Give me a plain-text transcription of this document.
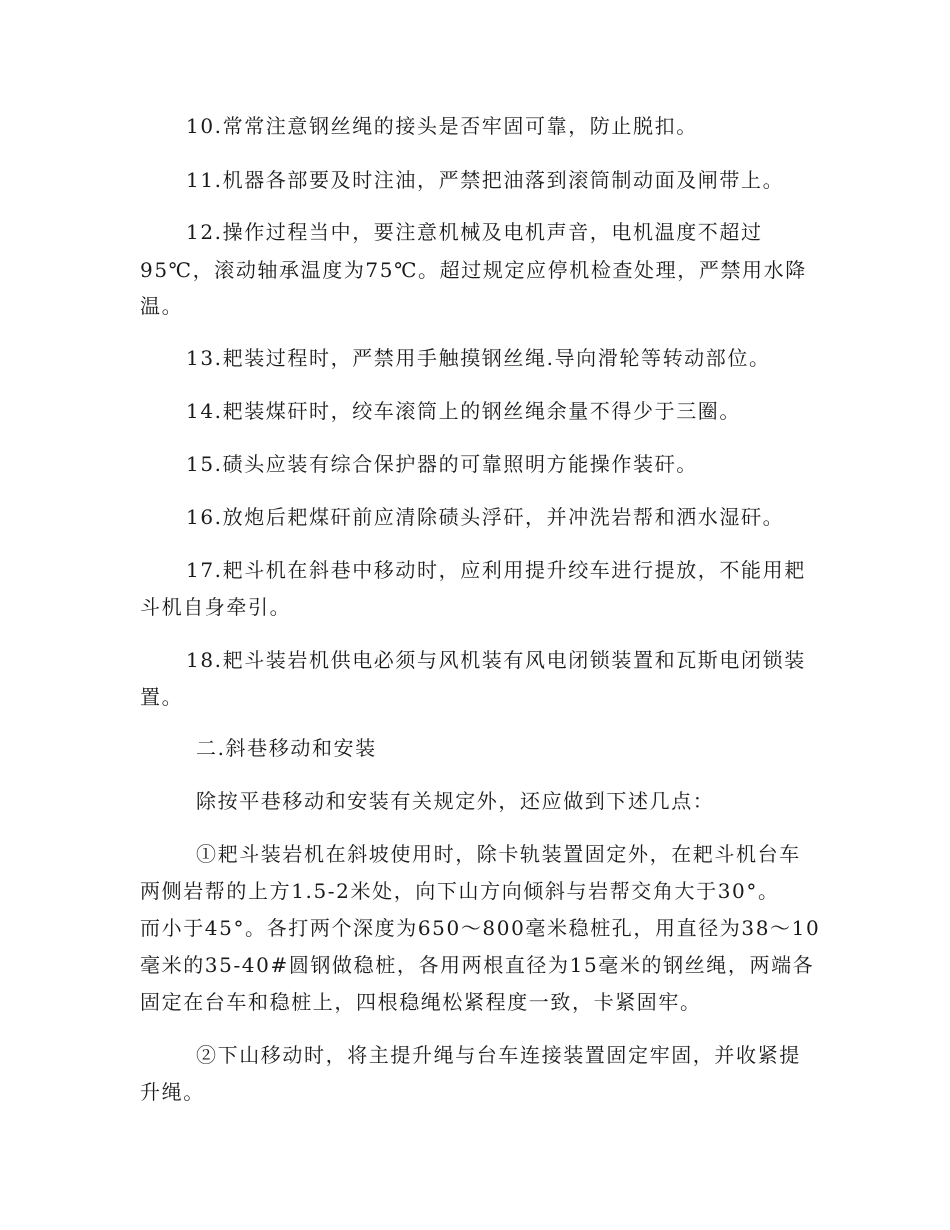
10.常常注意钢丝绳的接头是否牢固可靠，防止脱扣。
11.机器各部要及时注油，严禁把油落到滚筒制动面及闸带上。
12.操作过程当中，要注意机械及电机声音，电机温度不超过
95℃，滚动轴承温度为75℃。超过规定应停机检查处理，严禁用水降
温。
13.耙装过程时，严禁用手触摸钢丝绳.导向滑轮等转动部位。
14.耙装煤矸时，绞车滚筒上的钢丝绳余量不得少于三圈。
15.碛头应装有综合保护器的可靠照明方能操作装矸。
16.放炮后耙煤矸前应清除碛头浮矸，并冲洗岩帮和洒水湿矸。
17.耙斗机在斜巷中移动时，应利用提升绞车进行提放，不能用耙
斗机自身牵引。
18.耙斗装岩机供电必须与风机装有风电闭锁装置和瓦斯电闭锁装
置。
二.斜巷移动和安装
除按平巷移动和安装有关规定外，还应做到下述几点：
①耙斗装岩机在斜坡使用时，除卡轨装置固定外，在耙斗机台车
两侧岩帮的上方1.5-2米处，向下山方向倾斜与岩帮交角大于30°。
而小于45°。各打两个深度为650～800毫米稳桩孔，用直径为38～10
毫米的35-40#圆钢做稳桩，各用两根直径为15毫米的钢丝绳，两端各
固定在台车和稳桩上，四根稳绳松紧程度一致，卡紧固牢。
②下山移动时，将主提升绳与台车连接装置固定牢固，并收紧提
升绳。
